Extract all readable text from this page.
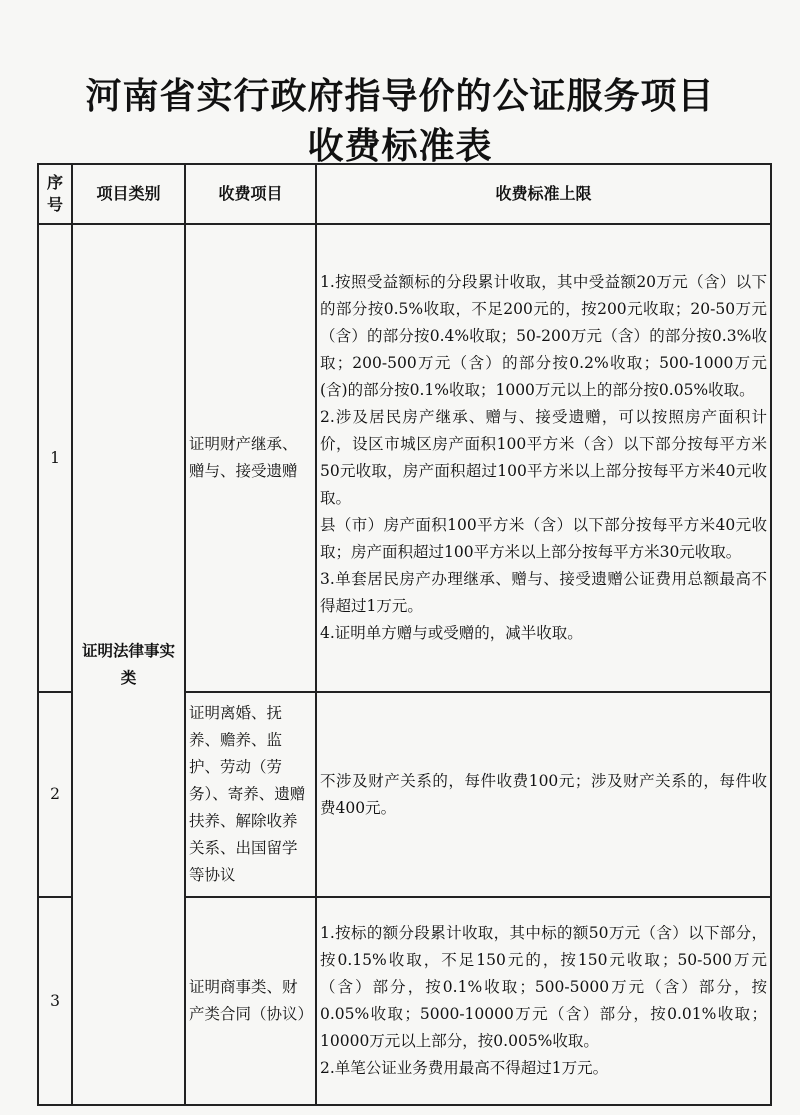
河南省实行政府指导价的公证服务项目
收费标准表
序号	项目类别	收费项目	收费标准上限
1	证明法律事实类	证明财产继承、赠与、接受遗赠	1.按照受益额标的分段累计收取，其中受益额20万元（含）以下的部分按0.5%收取，不足200元的，按200元收取；20-50万元（含）的部分按0.4%收取；50-200万元（含）的部分按0.3%收取；200-500万元（含）的部分按0.2%收取；500-1000万元(含)的部分按0.1%收取；1000万元以上的部分按0.05%收取。

2.涉及居民房产继承、赠与、接受遗赠，可以按照房产面积计价，设区市城区房产面积100平方米（含）以下部分按每平方米50元收取，房产面积超过100平方米以上部分按每平方米40元收取。

县（市）房产面积100平方米（含）以下部分按每平方米40元收取；房产面积超过100平方米以上部分按每平方米30元收取。

3.单套居民房产办理继承、赠与、接受遗赠公证费用总额最高不得超过1万元。

4.证明单方赠与或受赠的，减半收取。

2		证明离婚、抚养、赡养、监护、劳动（劳务）、寄养、遗赠扶养、解除收养关系、出国留学等协议	不涉及财产关系的，每件收费100元；涉及财产关系的，每件收费400元。

3		证明商事类、财产类合同（协议）	1.按标的额分段累计收取，其中标的额50万元（含）以下部分，按0.15%收取，不足150元的，按150元收取；50-500万元（含）部分，按0.1%收取；500-5000万元（含）部分，按0.05%收取；5000-10000万元（含）部分，按0.01%收取；10000万元以上部分，按0.005%收取。

2.单笔公证业务费用最高不得超过1万元。
